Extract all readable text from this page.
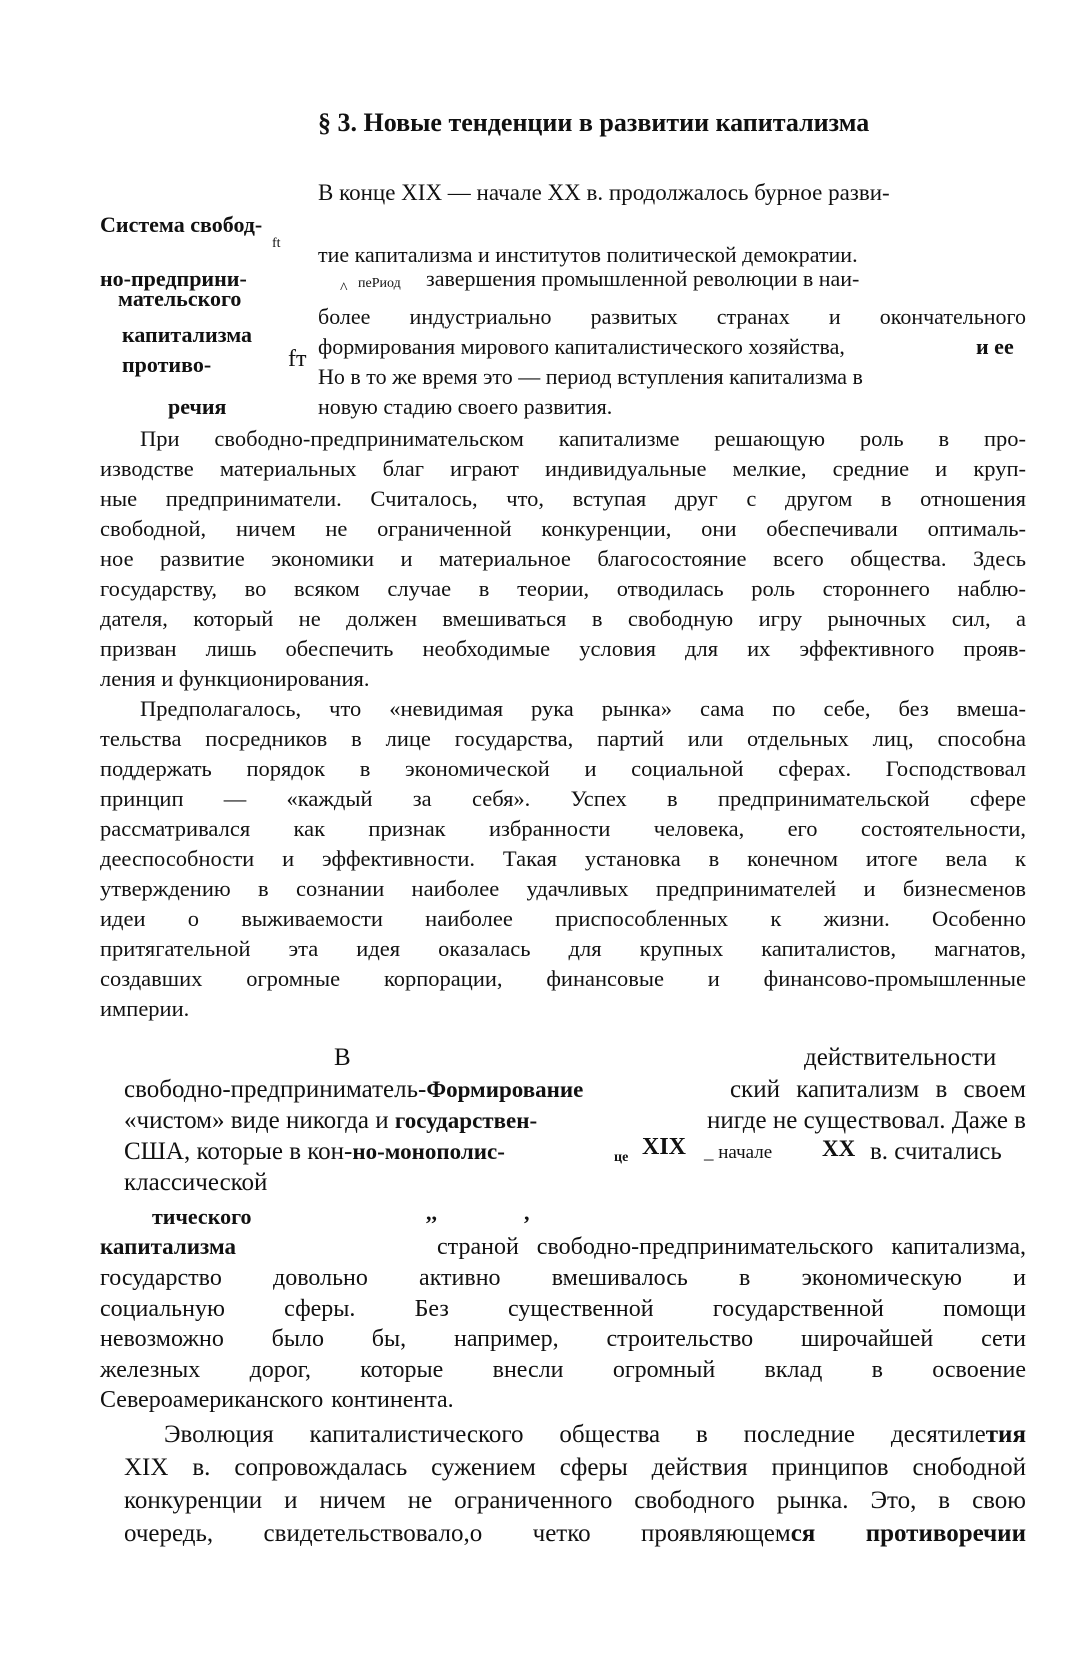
§ 3. Новые тенденции в развитии капитализма
Система свобод-
ft
но-предприни-
мательского
капитализма
противо-	fт
речия
В конце XIX — начале XX в. продолжалось бурное разви-
тие капитализма и институтов политической демократии.
^ пеРиод завершения промышленной революции в наи-
более индустриально развитых странах и окончательного
формирования мирового капиталистического хозяйства,	и ее
Но в то же время это — период вступления капитализма в
новую стадию своего развития.
При свободно-предпринимательском капитализме решающую роль в про-
изводстве материальных благ играют индивидуальные мелкие, средние и круп-
ные предприниматели. Считалось, что, вступая друг с другом в отношения
свободной, ничем не ограниченной конкуренции, они обеспечивали оптималь-
ное развитие экономики и материальное благосостояние всего общества. Здесь
государству, во всяком случае в теории, отводилась роль стороннего наблю-
дателя, который не должен вмешиваться в свободную игру рыночных сил, а
призван лишь обеспечить необходимые условия для их эффективного прояв-
ления и функционирования.
Предполагалось, что «невидимая рука рынка» сама по себе, без вмеша-
тельства посредников в лице государства, партий или отдельных лиц, способна
поддержать порядок в экономической и социальной сферах. Господствовал
принцип — «каждый за себя». Успех в предпринимательской сфере
рассматривался как признак избранности человека, его состоятельности,
дееспособности и эффективности. Такая установка в конечном итоге вела к
утверждению в сознании наиболее удачливых предпринимателей и бизнесменов
идеи о выживаемости наиболее приспособленных к жизни. Особенно
притягательной эта идея оказалась для крупных капиталистов, магнатов,
создавших огромные корпорации, финансовые и финансово-промышленные
империи.
В	действительности
свободно-предприниматель-Формирование	ский капитализм в своем
«чистом» виде никогда и государствен-	нигде не существовал. Даже в
США, которые в кон-но-монополис-	це XIX _ начале XX в. считались
классической
тического	,,	,
капитализма	страной свободно-предпринимательского капитализма,
государство довольно активно вмешивалось в экономическую и
социальную сферы. Без существенной государственной помощи
невозможно было бы, например, строительство широчайшей сети
железных дорог, которые внесли огромный вклад в освоение
Североамериканского континента.
Эволюция капиталистического общества в последние десятилетия
XIX в. сопровождалась сужением сферы действия принципов снободной
конкуренции и ничем не ограниченного свободного рынка. Это, в свою
очередь, свидетельствовало,о четко проявляющемся противоречии
